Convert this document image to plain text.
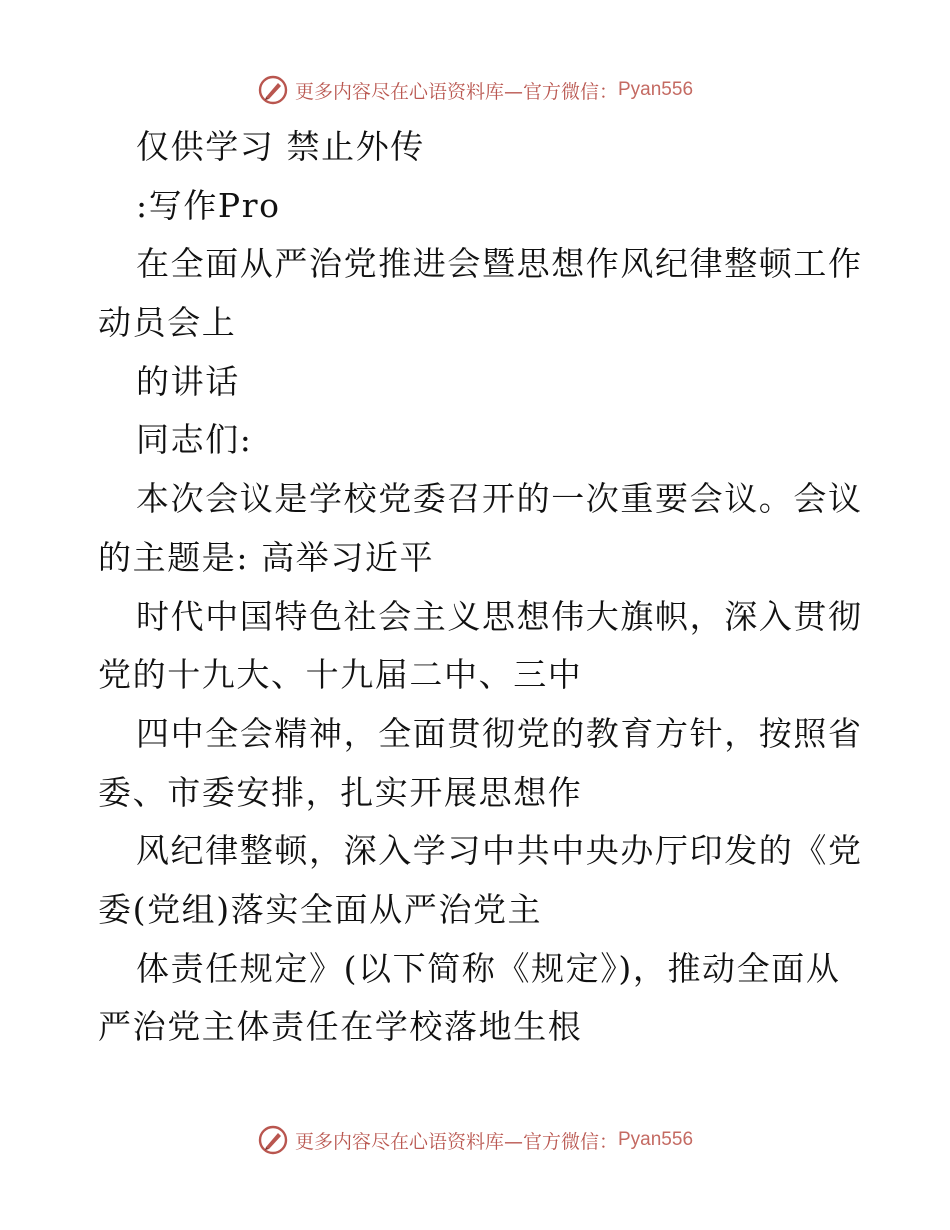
更多内容尽在心语资料库—官方微信： Pyan556
仅供学习 禁止外传
:写作Pro
在全面从严治党推进会暨思想作风纪律整顿工作
动员会上
的讲话
同志们:
本次会议是学校党委召开的一次重要会议。会议
的主题是: 高举习近平
时代中国特色社会主义思想伟大旗帜，深入贯彻
党的十九大、十九届二中、三中
四中全会精神，全面贯彻党的教育方针，按照省
委、市委安排，扎实开展思想作
风纪律整顿，深入学习中共中央办厅印发的《党
委(党组)落实全面从严治党主
体责任规定》(以下简称《规定》)，推动全面从
严治党主体责任在学校落地生根
更多内容尽在心语资料库—官方微信： Pyan556
